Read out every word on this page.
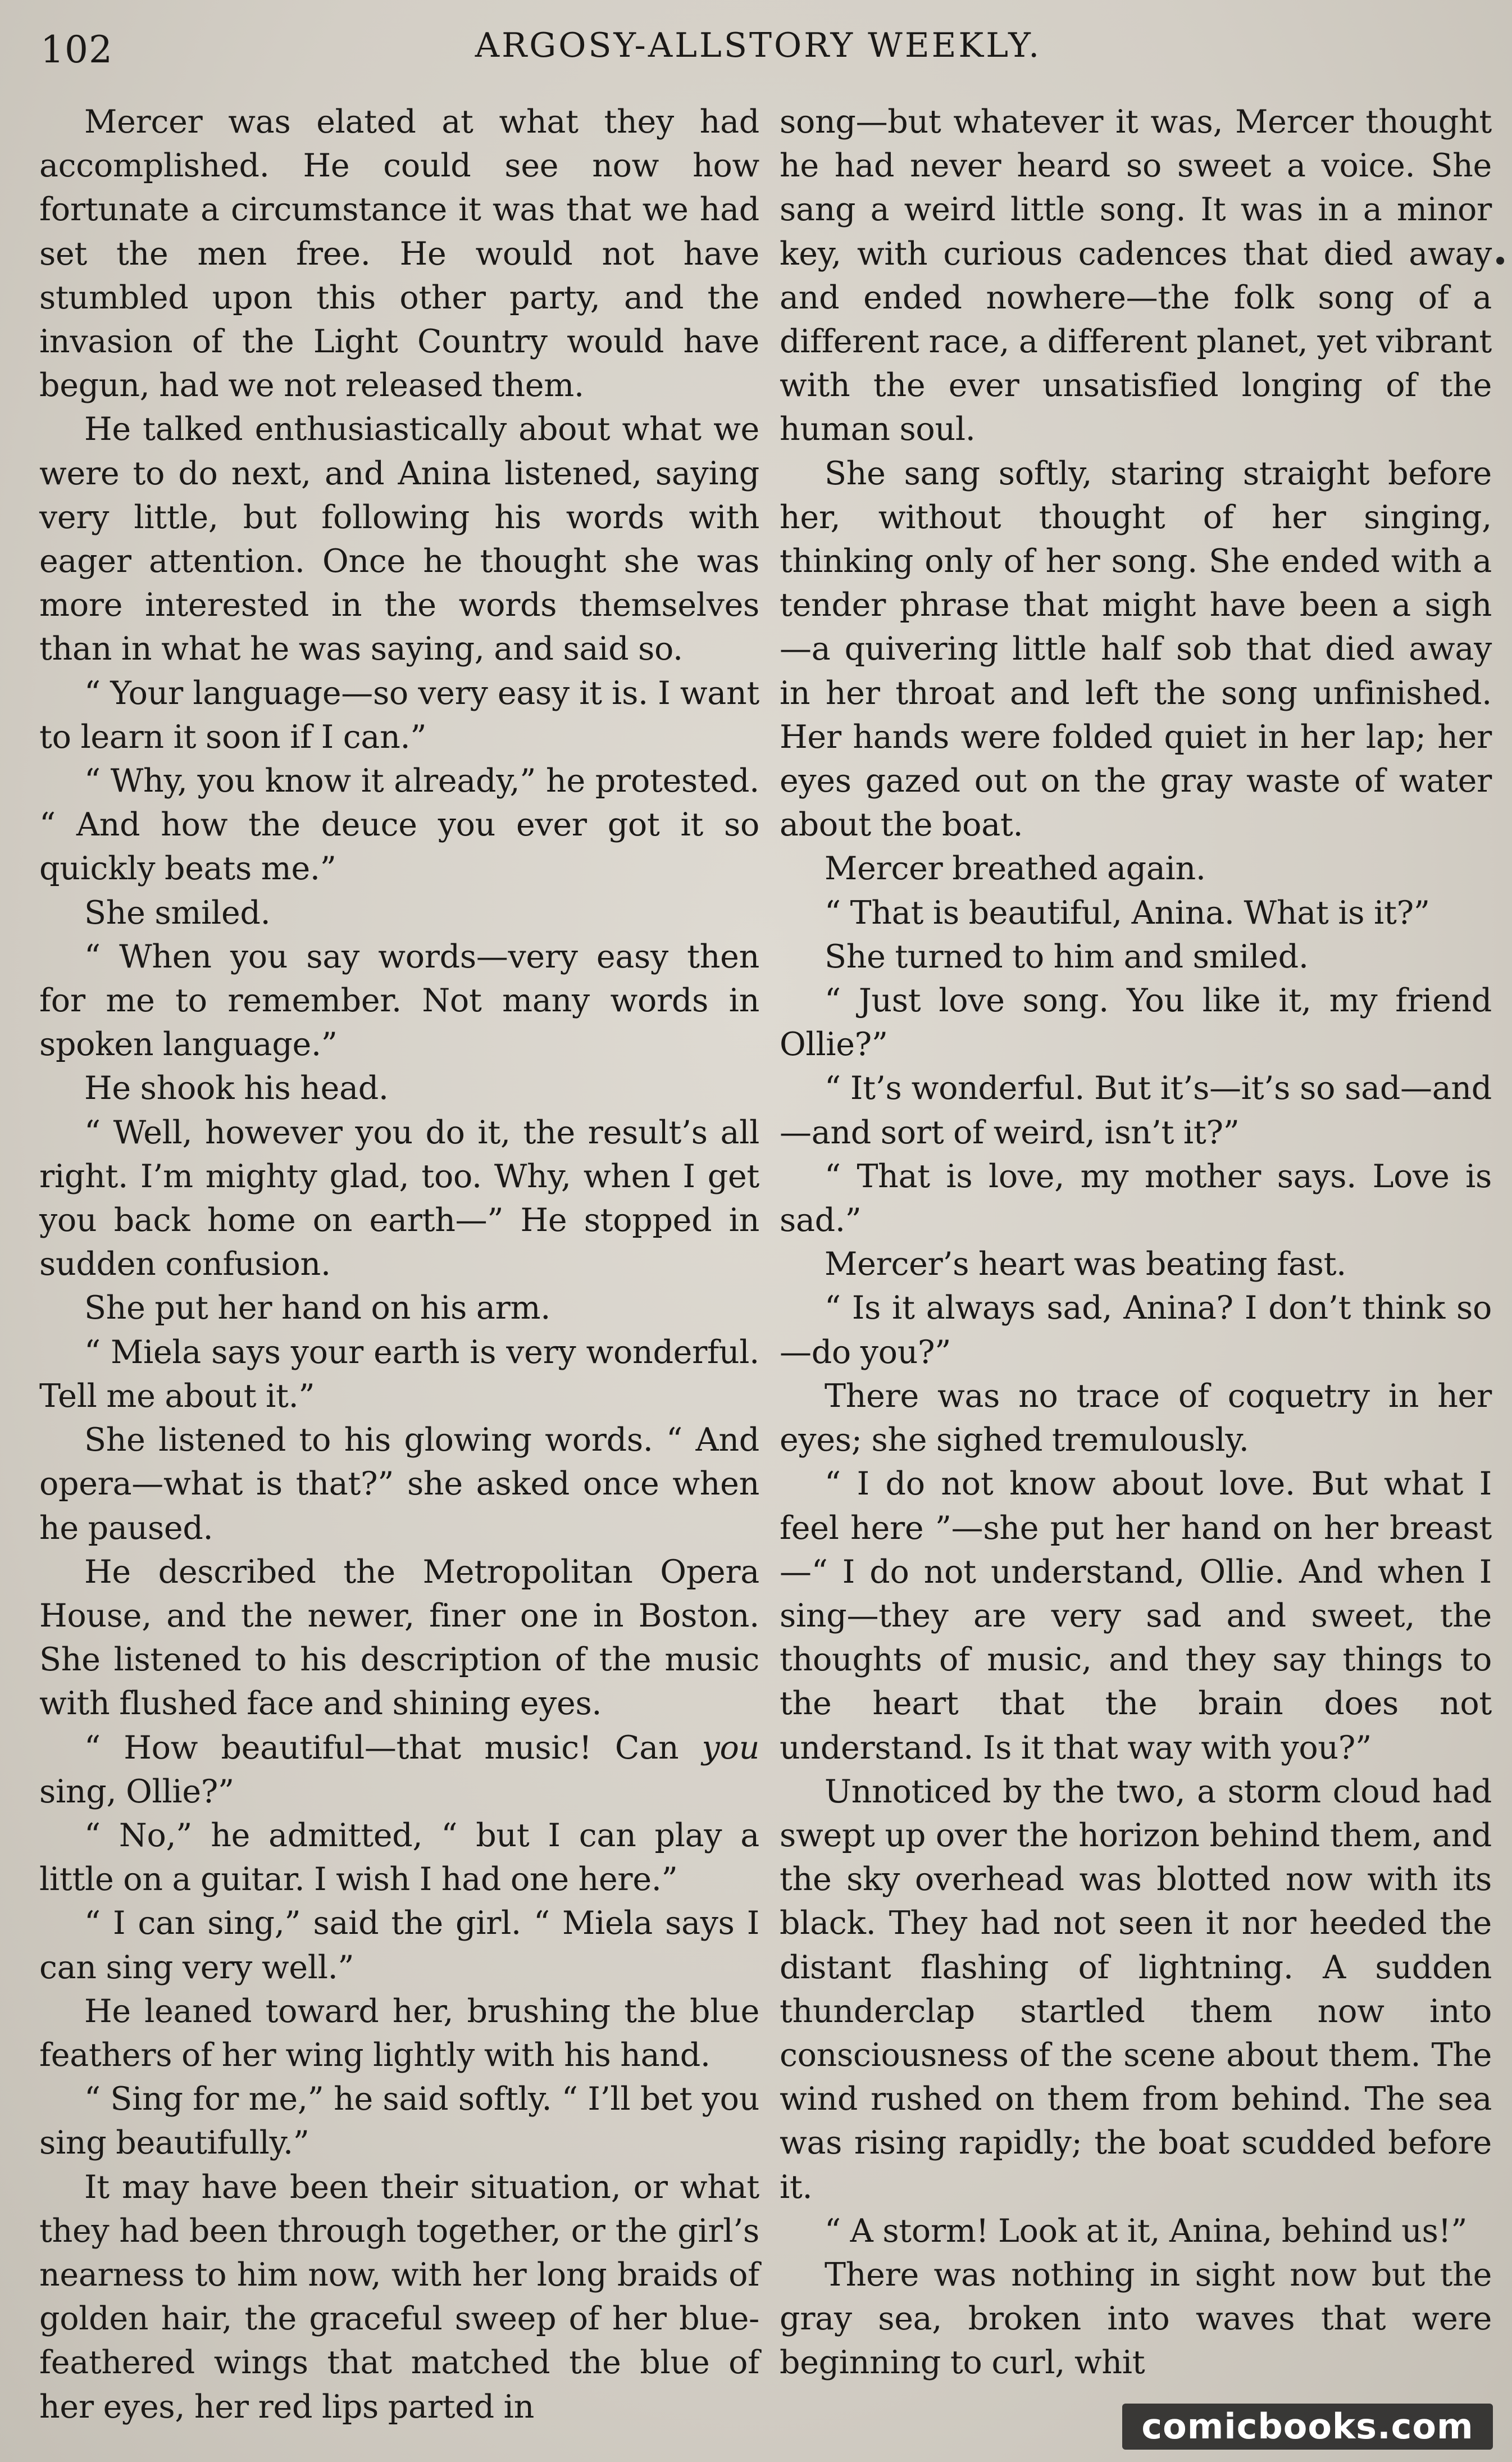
102	ARGOSY-ALLSTORY WEEKLY.

Mercer was elated at what they had accomplished. He could see now how fortunate a circumstance it was that we had set the men free. He would not have stumbled upon this other party, and the invasion of the Light Country would have begun, had we not released them.

He talked enthusiastically about what we were to do next, and Anina listened, saying very little, but following his words with eager attention. Once he thought she was more interested in the words themselves than in what he was saying, and said so.

“ Your language—so very easy it is. I want to learn it soon if I can.”

“ Why, you know it already,” he protested. “ And how the deuce you ever got it so quickly beats me.”

She smiled.

“ When you say words—very easy then for me to remember. Not many words in spoken language.”

He shook his head.

“ Well, however you do it, the result’s all right. I’m mighty glad, too. Why, when I get you back home on earth—” He stopped in sudden confusion.

She put her hand on his arm.

“ Miela says your earth is very wonderful. Tell me about it.”

She listened to his glowing words. “ And opera—what is that?” she asked once when he paused.

He described the Metropolitan Opera House, and the newer, finer one in Boston. She listened to his description of the music with flushed face and shining eyes.

“ How beautiful—that music! Can you sing, Ollie?”

“ No,” he admitted, “ but I can play a little on a guitar. I wish I had one here.”

“ I can sing,” said the girl. “ Miela says I can sing very well.”

He leaned toward her, brushing the blue feathers of her wing lightly with his hand.

“ Sing for me,” he said softly. “ I’ll bet you sing beautifully.”

It may have been their situation, or what they had been through together, or the girl’s nearness to him now, with her long braids of golden hair, the graceful sweep of her blue-feathered wings that matched the blue of her eyes, her red lips parted in

song—but whatever it was, Mercer thought he had never heard so sweet a voice. She sang a weird little song. It was in a minor key, with curious cadences that died away and ended nowhere—the folk song of a different race, a different planet, yet vibrant with the ever unsatisfied longing of the human soul.

She sang softly, staring straight before her, without thought of her singing, thinking only of her song. She ended with a tender phrase that might have been a sigh—a quivering little half sob that died away in her throat and left the song unfinished. Her hands were folded quiet in her lap; her eyes gazed out on the gray waste of water about the boat.

Mercer breathed again.

“ That is beautiful, Anina. What is it?”

She turned to him and smiled.

“ Just love song. You like it, my friend Ollie?”

“ It’s wonderful. But it’s—it’s so sad—and—and sort of weird, isn’t it?”

“ That is love, my mother says. Love is sad.”

Mercer’s heart was beating fast.

“ Is it always sad, Anina? I don’t think so—do you?”

There was no trace of coquetry in her eyes; she sighed tremulously.

“ I do not know about love. But what I feel here ”—she put her hand on her breast—“ I do not understand, Ollie. And when I sing—they are very sad and sweet, the thoughts of music, and they say things to the heart that the brain does not understand. Is it that way with you?”

Unnoticed by the two, a storm cloud had swept up over the horizon behind them, and the sky overhead was blotted now with its black. They had not seen it nor heeded the distant flashing of lightning. A sudden thunderclap startled them now into consciousness of the scene about them. The wind rushed on them from behind. The sea was rising rapidly; the boat scudded before it.

“ A storm! Look at it, Anina, behind us!”

There was nothing in sight now but the gray sea, broken into waves that were beginning to curl, whit

comicbooks.com
